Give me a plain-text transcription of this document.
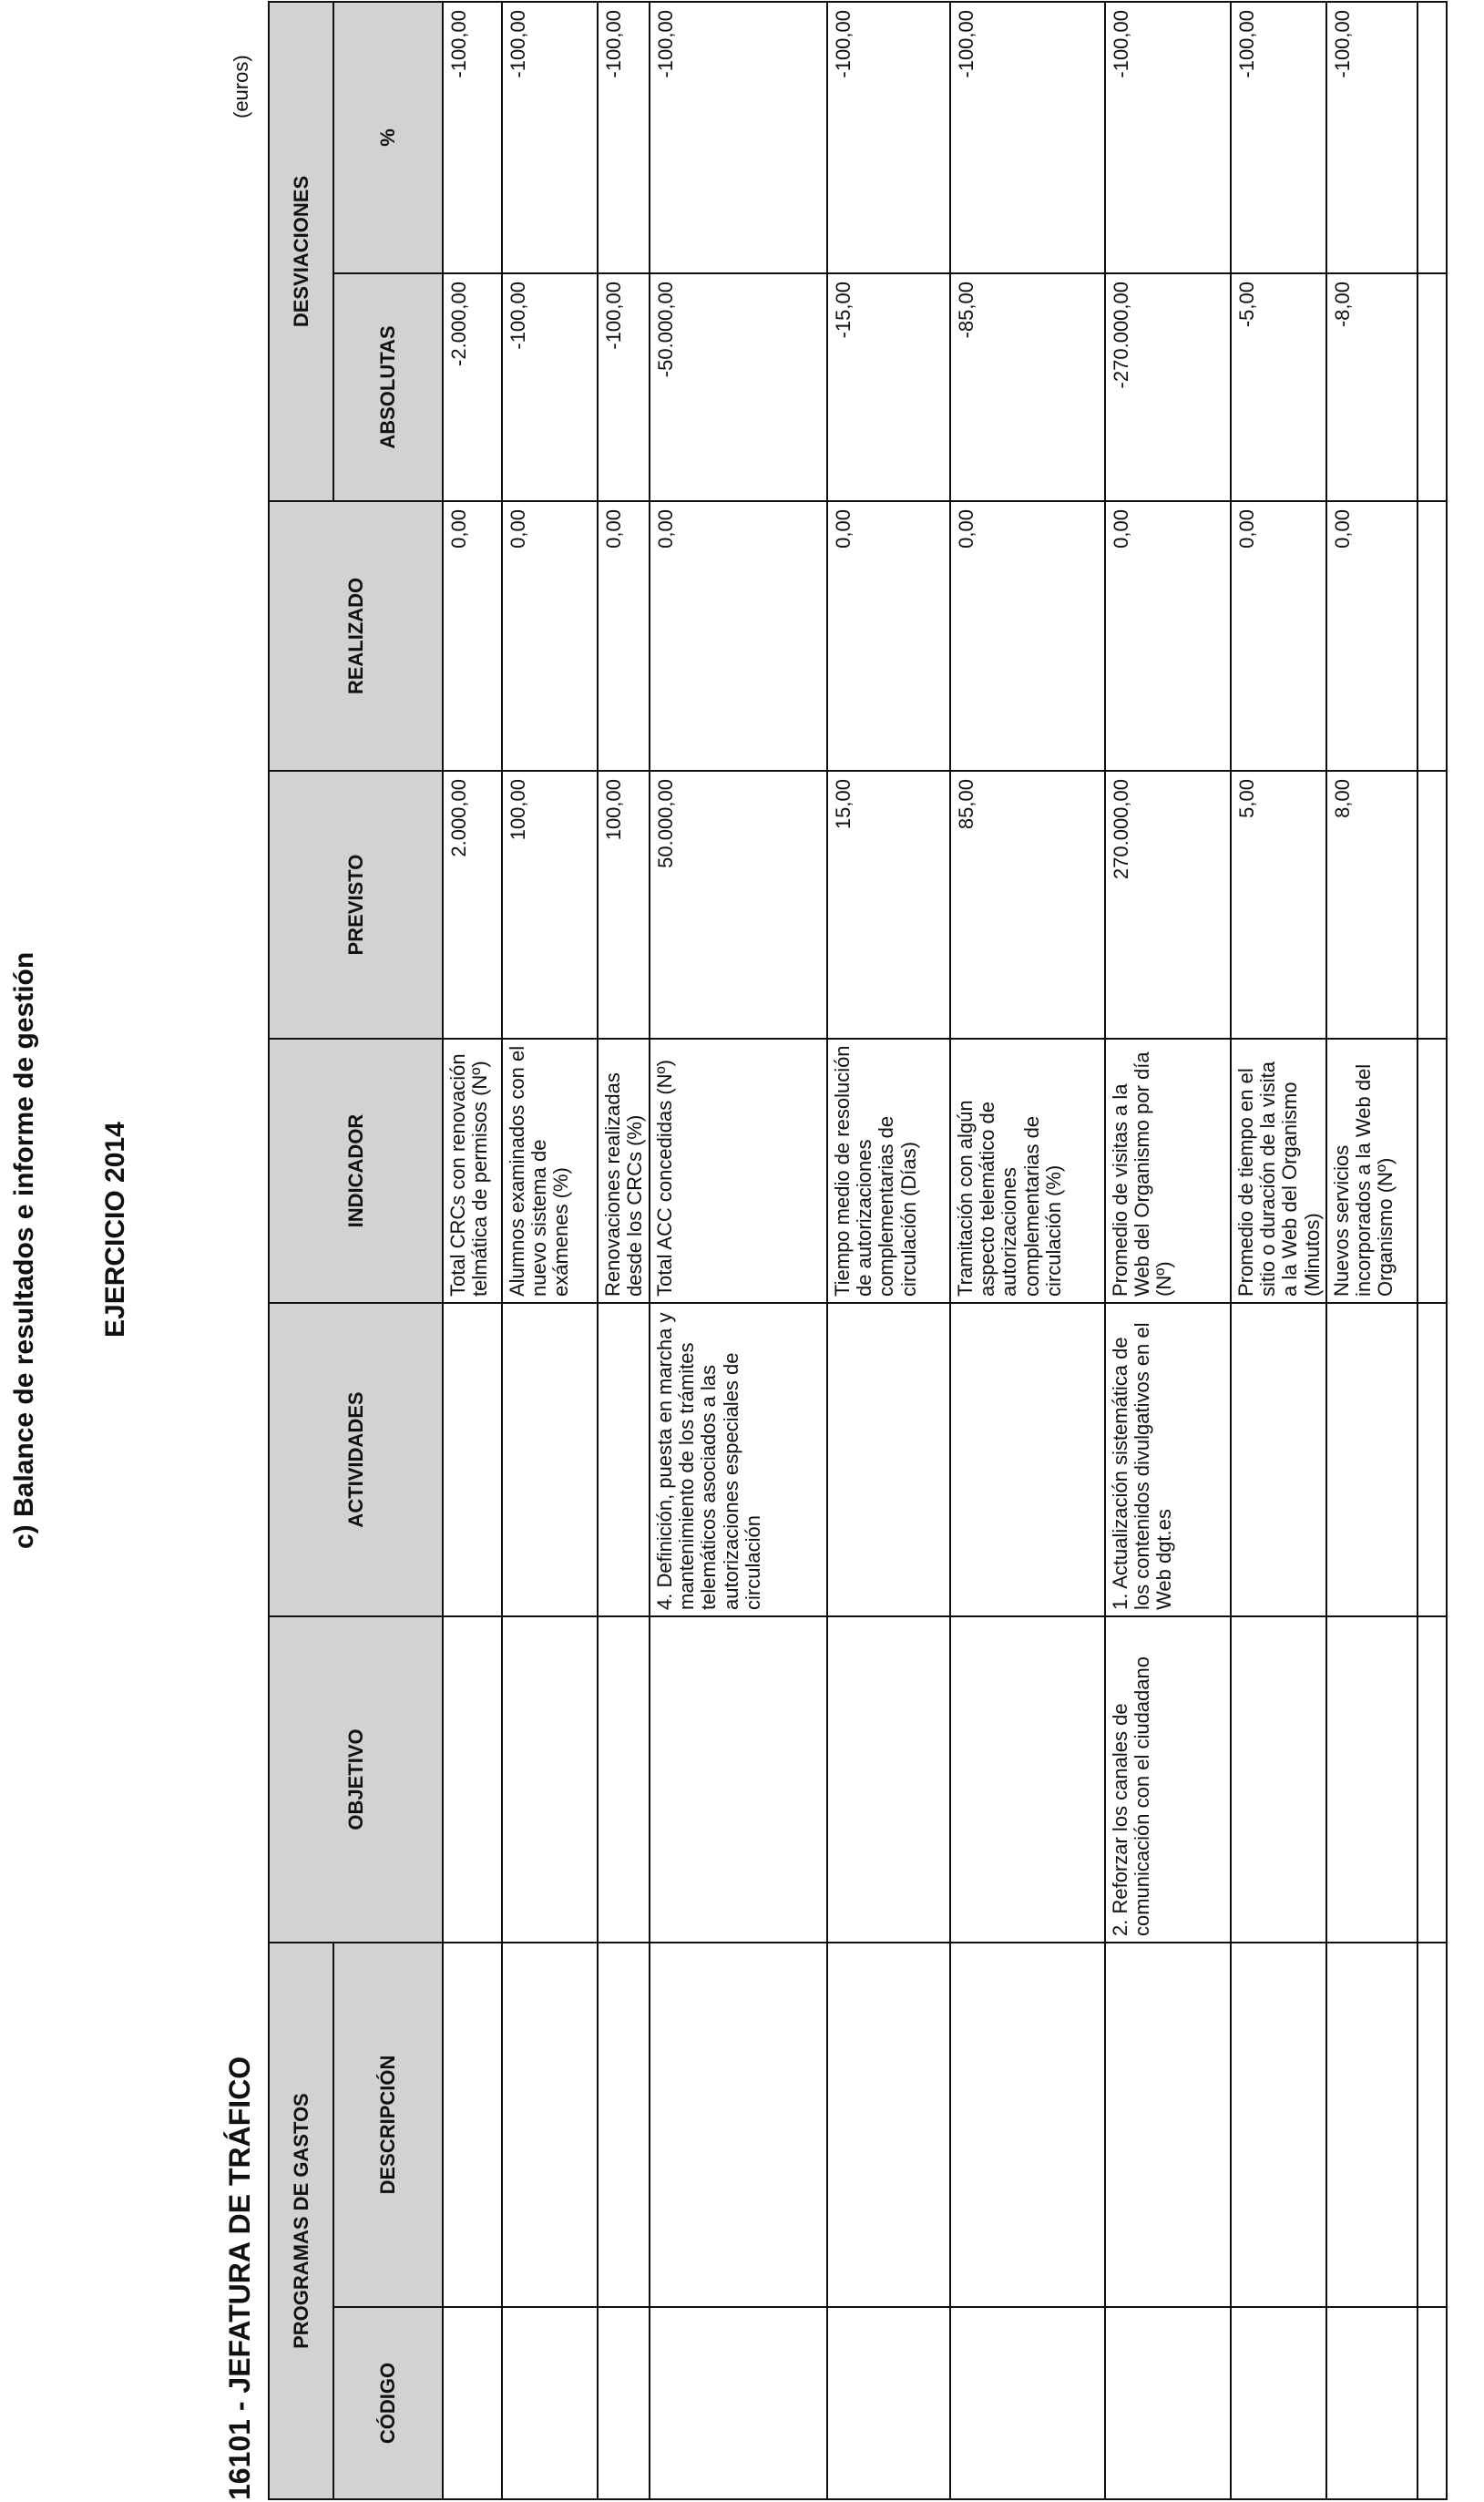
c) Balance de resultados e informe de gestión EJERCICIO 2014
16101 - JEFATURA DE TRÁFICO
(euros)
PROGRAMAS DE GASTOS		OBJETIVO	ACTIVIDADES	INDICADOR	PREVISTO	REALIZADO	DESVIACIONES	
CÓDIGO	DESCRIPCIÓN						ABSOLUTAS	%
				Total CRCs con renovación telmática de permisos (Nº)	2.000,00	0,00	-2.000,00	-100,00
				Alumnos examinados con el nuevo sistema de exámenes (%)	100,00	0,00	-100,00	-100,00
				Renovaciones realizadas desde los CRCs (%)	100,00	0,00	-100,00	-100,00
			4. Definición, puesta en marcha y mantenimiento de los trámites telemáticos asociados a las autorizaciones especiales de circulación	Total ACC concedidas (Nº)	50.000,00	0,00	-50.000,00	-100,00
				Tiempo medio de resolución de autorizaciones complementarias de circulación (Días)	15,00	0,00	-15,00	-100,00
				Tramitación con algún aspecto telemático de autorizaciones complementarias de circulación (%)	85,00	0,00	-85,00	-100,00
		2. Reforzar los canales de comunicación con el ciudadano	1. Actualización sistemática de los contenidos divulgativos en el Web dgt.es	Promedio de visitas a la Web del Organismo por día (Nº)	270.000,00	0,00	-270.000,00	-100,00
				Promedio de tiempo en el sitio o duración de la visita a la Web del Organismo (Minutos)	5,00	0,00	-5,00	-100,00
				Nuevos servicios incorporados a la Web del Organismo (Nº)	8,00	0,00	-8,00	-100,00
